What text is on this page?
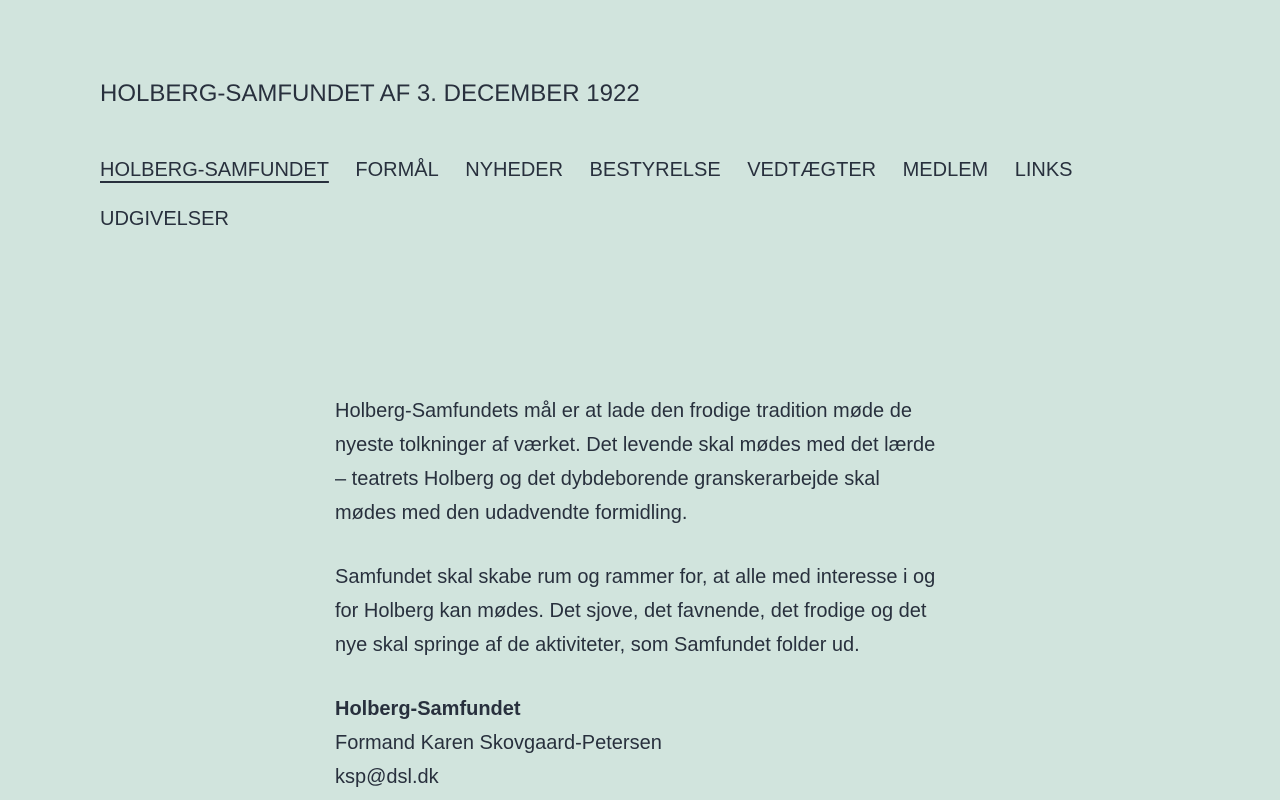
HOLBERG-SAMFUNDET AF 3. DECEMBER 1922
HOLBERG-SAMFUNDET FORMÅL NYHEDER BESTYRELSE VEDTÆGTER MEDLEM LINKS
UDGIVELSER

Holberg-Samfundets mål er at lade den frodige tradition møde de nyeste tolkninger af værket. Det levende skal mødes med det lærde – teatrets Holberg og det dybdeborende granskerarbejde skal mødes med den udadvendte formidling.

Samfundet skal skabe rum og rammer for, at alle med interesse i og for Holberg kan mødes. Det sjove, det favnende, det frodige og det nye skal springe af de aktiviteter, som Samfundet folder ud.

Holberg-Samfundet
Formand Karen Skovgaard-Petersen
ksp@dsl.dk
